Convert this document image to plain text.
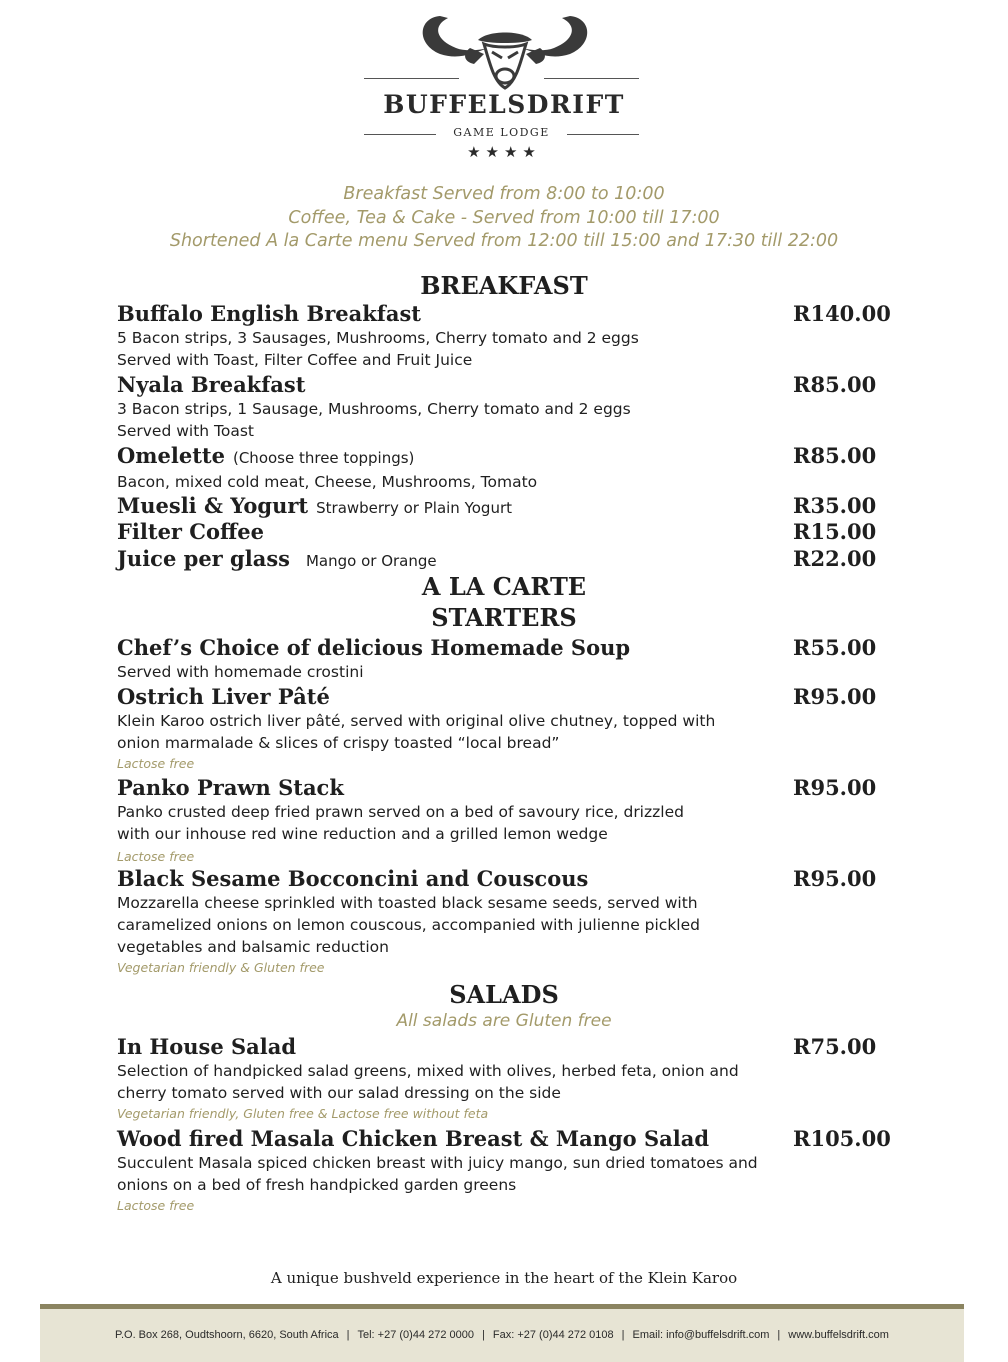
BUFFELSDRIFT
GAME LODGE
★★★★
Breakfast Served from 8:00 to 10:00
Coffee, Tea & Cake - Served from 10:00 till 17:00
Shortened A la Carte menu Served from 12:00 till 15:00 and 17:30 till 22:00
BREAKFAST
Buffalo English Breakfast	R140.00
5 Bacon strips, 3 Sausages, Mushrooms, Cherry tomato and 2 eggs
Served with Toast, Filter Coffee and Fruit Juice
Nyala Breakfast	R85.00
3 Bacon strips, 1 Sausage, Mushrooms, Cherry tomato and 2 eggs
Served with Toast
Omelette (Choose three toppings)	R85.00
Bacon, mixed cold meat, Cheese, Mushrooms, Tomato
Muesli & Yogurt Strawberry or Plain Yogurt	R35.00
Filter Coffee	R15.00
Juice per glass Mango or Orange	R22.00
A LA CARTE
STARTERS
Chef’s Choice of delicious Homemade Soup	R55.00
Served with homemade crostini
Ostrich Liver Pâté	R95.00
Klein Karoo ostrich liver pâté, served with original olive chutney, topped with
onion marmalade & slices of crispy toasted “local bread”
Lactose free
Panko Prawn Stack	R95.00
Panko crusted deep fried prawn served on a bed of savoury rice, drizzled
with our inhouse red wine reduction and a grilled lemon wedge
Lactose free
Black Sesame Bocconcini and Couscous	R95.00
Mozzarella cheese sprinkled with toasted black sesame seeds, served with
caramelized onions on lemon couscous, accompanied with julienne pickled
vegetables and balsamic reduction
Vegetarian friendly & Gluten free
SALADS
All salads are Gluten free
In House Salad	R75.00
Selection of handpicked salad greens, mixed with olives, herbed feta, onion and
cherry tomato served with our salad dressing on the side
Vegetarian friendly, Gluten free & Lactose free without feta
Wood fired Masala Chicken Breast & Mango Salad	R105.00
Succulent Masala spiced chicken breast with juicy mango, sun dried tomatoes and
onions on a bed of fresh handpicked garden greens
Lactose free
A unique bushveld experience in the heart of the Klein Karoo
P.O. Box 268, Oudtshoorn, 6620, South Africa | Tel: +27 (0)44 272 0000 | Fax: +27 (0)44 272 0108 | Email: info@buffelsdrift.com | www.buffelsdrift.com
